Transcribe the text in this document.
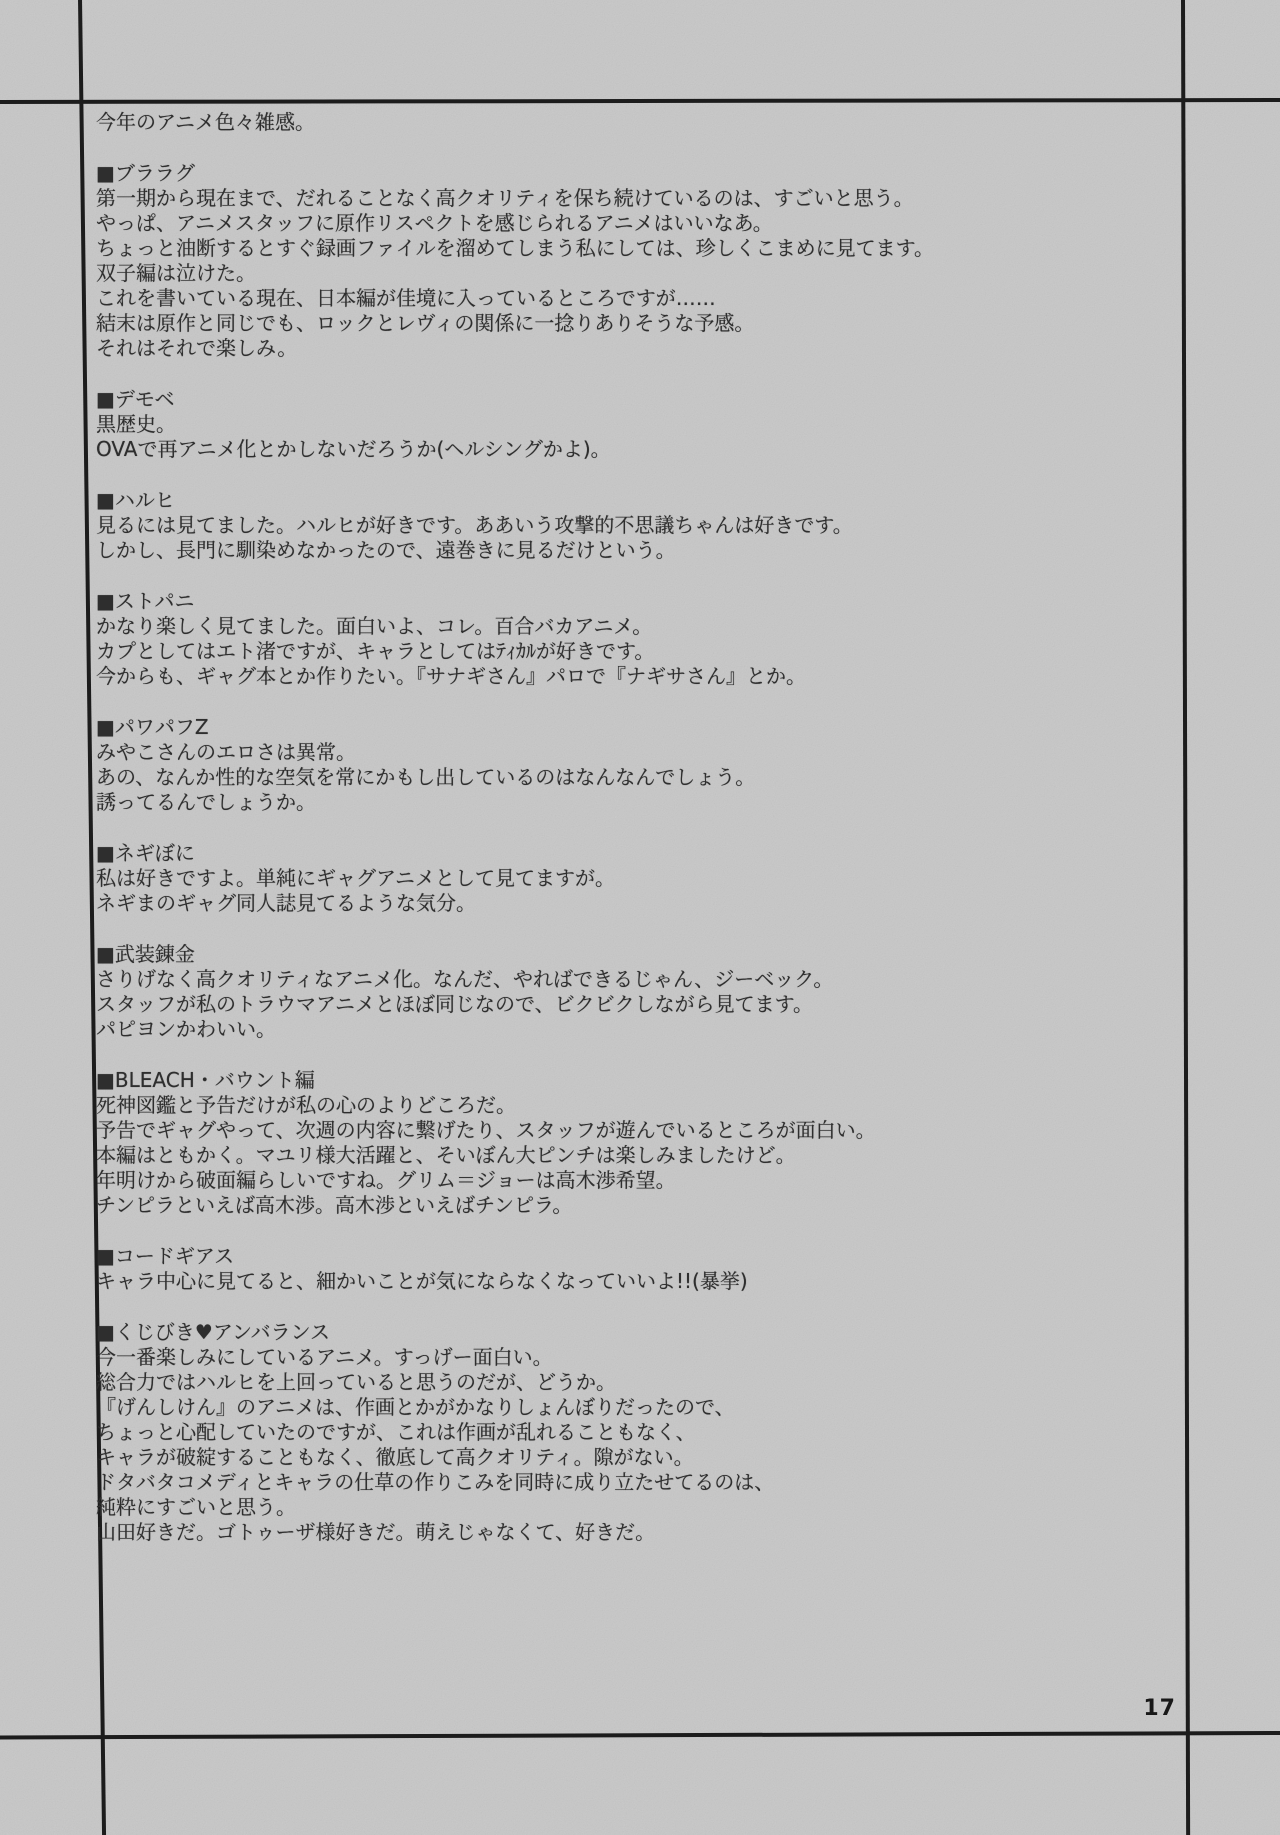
今年のアニメ色々雑感。

■ブララグ

第一期から現在まで、だれることなく高クオリティを保ち続けているのは、すごいと思う。

やっぱ、アニメスタッフに原作リスペクトを感じられるアニメはいいなあ。

ちょっと油断するとすぐ録画ファイルを溜めてしまう私にしては、珍しくこまめに見てます。

双子編は泣けた。

これを書いている現在、日本編が佳境に入っているところですが……

結末は原作と同じでも、ロックとレヴィの関係に一捻りありそうな予感。

それはそれで楽しみ。

■デモベ

黒歴史。

OVAで再アニメ化とかしないだろうか(ヘルシングかよ)。

■ハルヒ

見るには見てました。ハルヒが好きです。ああいう攻撃的不思議ちゃんは好きです。

しかし、長門に馴染めなかったので、遠巻きに見るだけという。

■ストパニ

かなり楽しく見てました。面白いよ、コレ。百合バカアニメ。

カプとしてはエト渚ですが、キャラとしてはﾃｨｶﾙが好きです。

今からも、ギャグ本とか作りたい。『サナギさん』パロで『ナギサさん』とか。

■パワパフZ

みやこさんのエロさは異常。

あの、なんか性的な空気を常にかもし出しているのはなんなんでしょう。

誘ってるんでしょうか。

■ネギぼに

私は好きですよ。単純にギャグアニメとして見てますが。

ネギまのギャグ同人誌見てるような気分。

■武装錬金

さりげなく高クオリティなアニメ化。なんだ、やればできるじゃん、ジーベック。

スタッフが私のトラウマアニメとほぼ同じなので、ビクビクしながら見てます。

パピヨンかわいい。

■BLEACH・バウント編

死神図鑑と予告だけが私の心のよりどころだ。

予告でギャグやって、次週の内容に繋げたり、スタッフが遊んでいるところが面白い。

本編はともかく。マユリ様大活躍と、そいぼん大ピンチは楽しみましたけど。

年明けから破面編らしいですね。グリム＝ジョーは高木渉希望。

チンピラといえば高木渉。高木渉といえばチンピラ。

■コードギアス

キャラ中心に見てると、細かいことが気にならなくなっていいよ!!(暴挙)

■くじびき♥アンバランス

今一番楽しみにしているアニメ。すっげー面白い。

総合力ではハルヒを上回っていると思うのだが、どうか。

『げんしけん』のアニメは、作画とかがかなりしょんぼりだったので、

ちょっと心配していたのですが、これは作画が乱れることもなく、

キャラが破綻することもなく、徹底して高クオリティ。隙がない。

ドタバタコメディとキャラの仕草の作りこみを同時に成り立たせてるのは、

純粋にすごいと思う。

山田好きだ。ゴトゥーザ様好きだ。萌えじゃなくて、好きだ。

17
